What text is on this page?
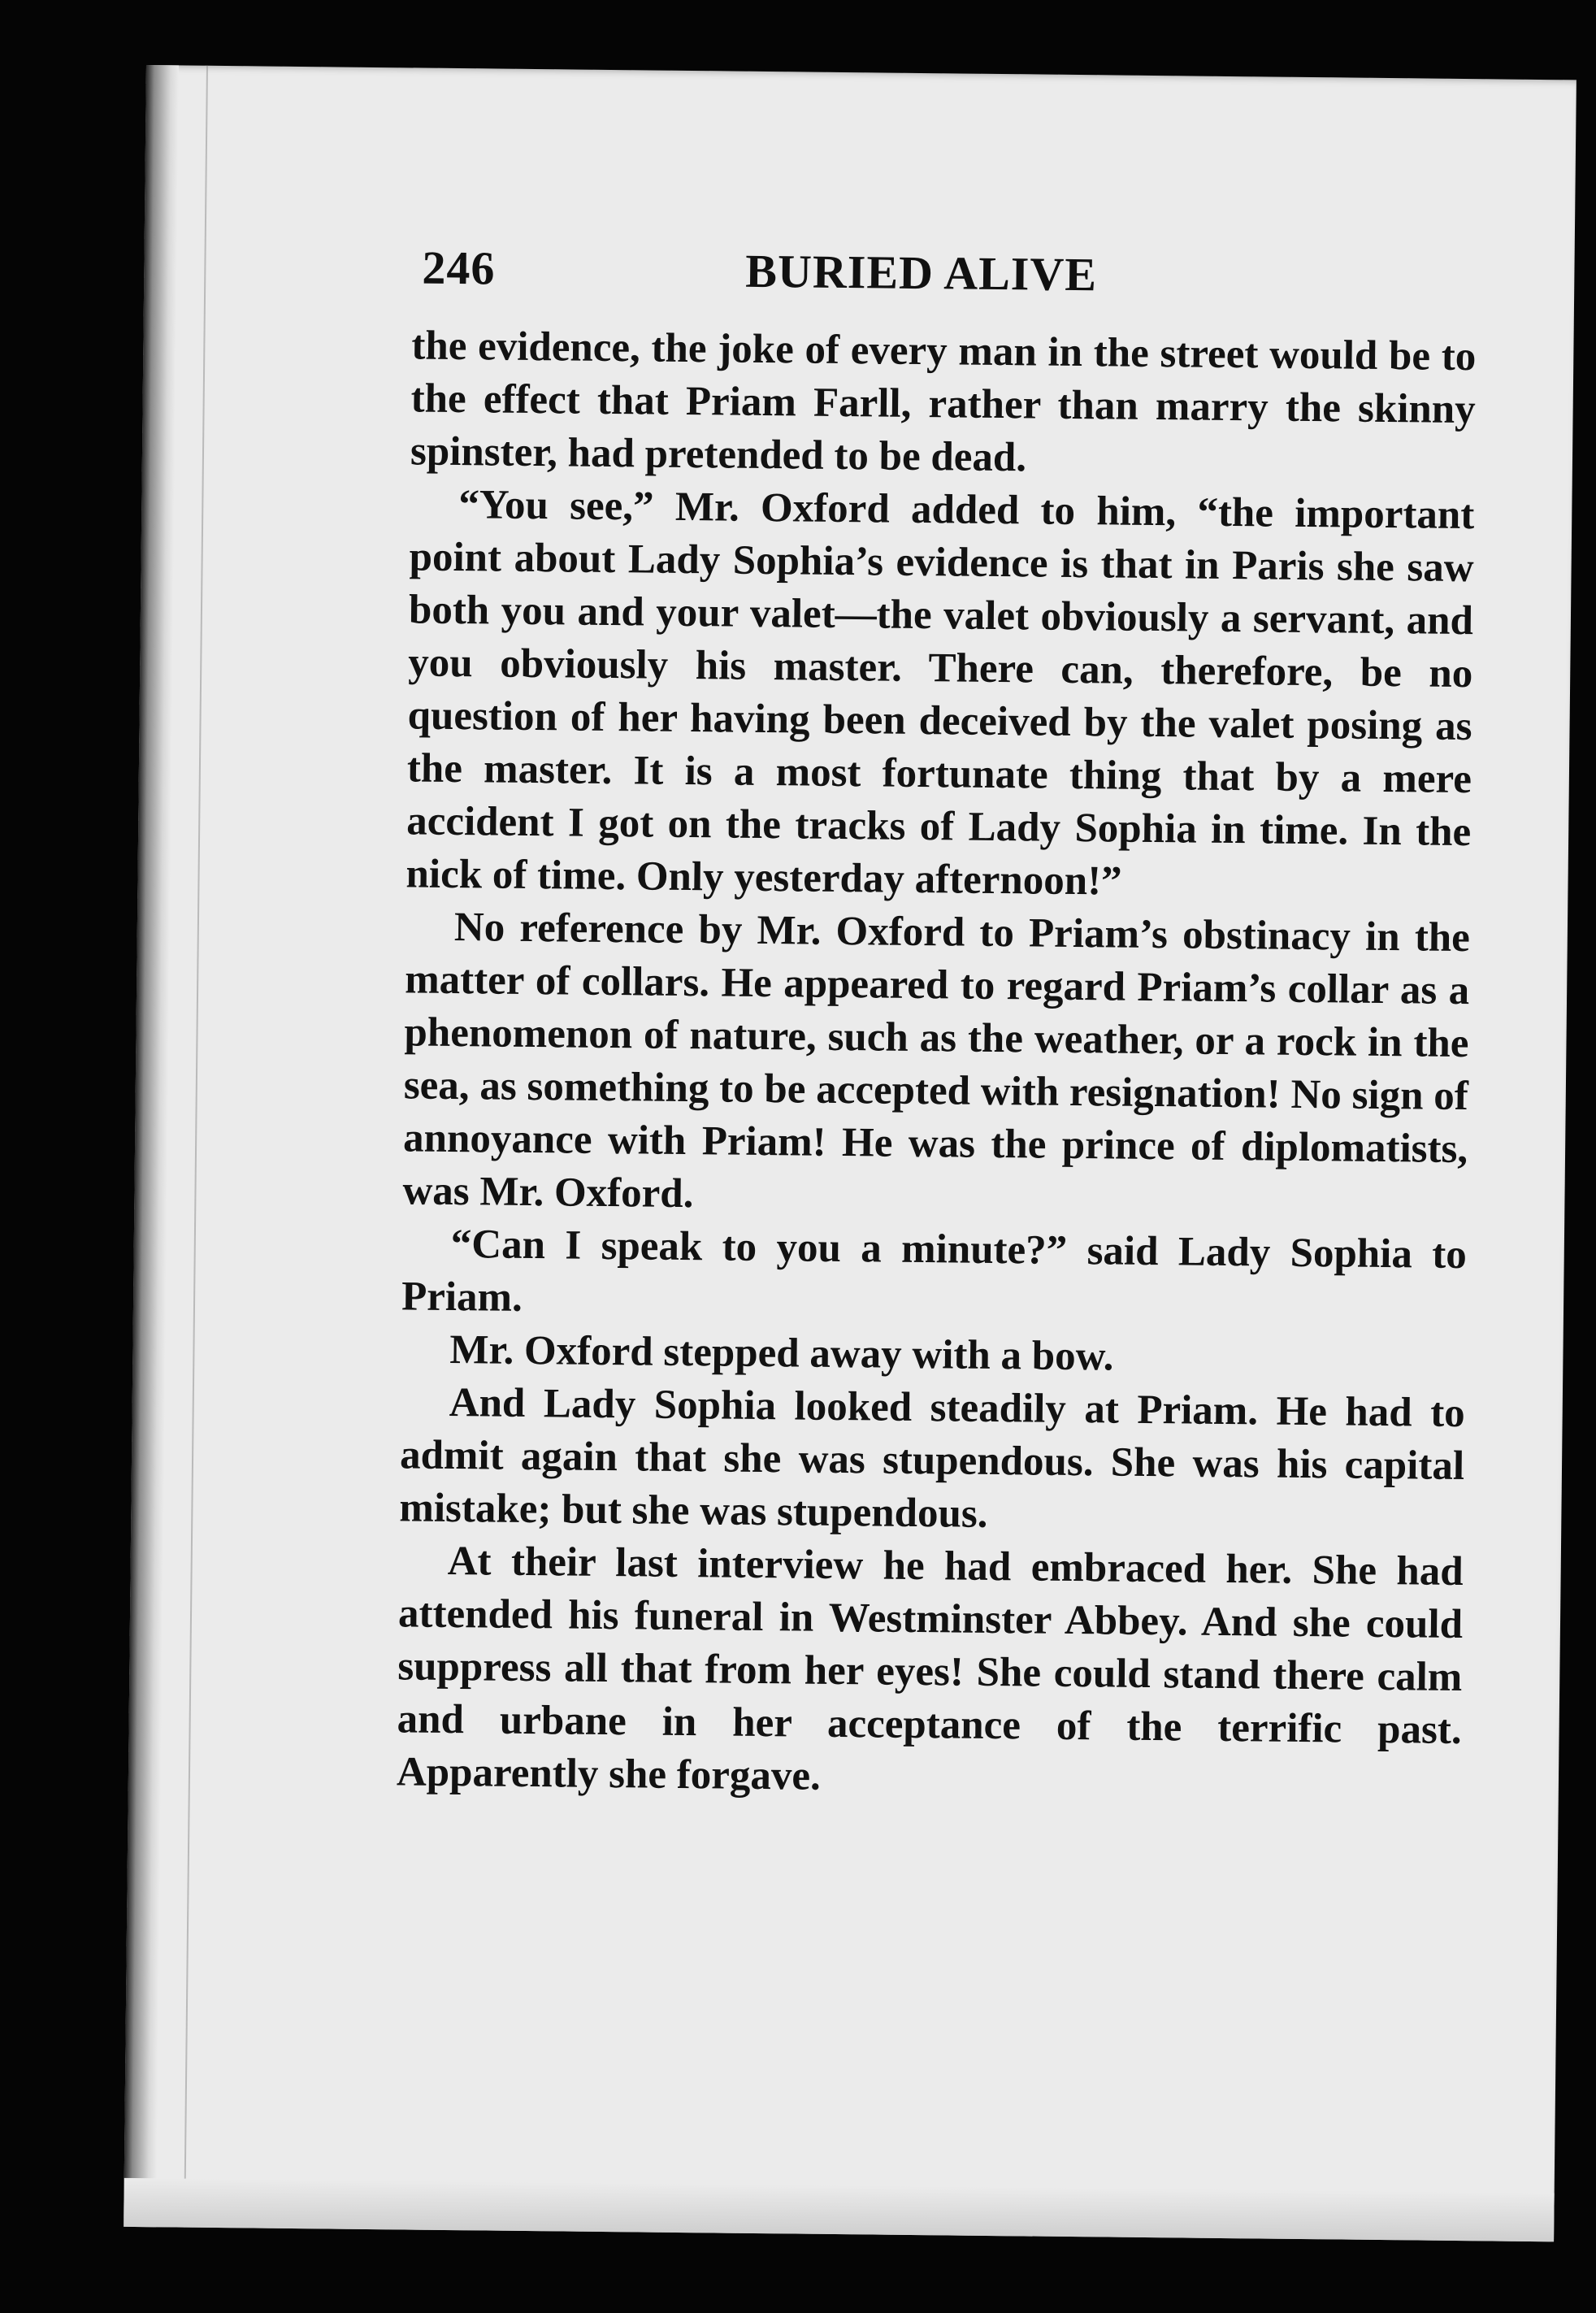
246	BURIED ALIVE

the evidence, the joke of every man in the street would be to the effect that Priam Farll, rather than marry the skinny spinster, had pretended to be dead.

“You see,” Mr. Oxford added to him, “the important point about Lady Sophia’s evidence is that in Paris she saw both you and your valet—the valet obviously a servant, and you obviously his master. There can, therefore, be no question of her having been deceived by the valet posing as the master. It is a most fortunate thing that by a mere accident I got on the tracks of Lady Sophia in time. In the nick of time. Only yesterday afternoon!”

No reference by Mr. Oxford to Priam’s obstinacy in the matter of collars. He appeared to regard Priam’s collar as a phenomenon of nature, such as the weather, or a rock in the sea, as something to be accepted with resignation! No sign of annoyance with Priam! He was the prince of diplomatists, was Mr. Oxford.

“Can I speak to you a minute?” said Lady Sophia to Priam.

Mr. Oxford stepped away with a bow.

And Lady Sophia looked steadily at Priam. He had to admit again that she was stupendous. She was his capital mistake; but she was stupendous.

At their last interview he had embraced her. She had attended his funeral in Westminster Abbey. And she could suppress all that from her eyes! She could stand there calm and urbane in her acceptance of the terrific past. Apparently she forgave.
